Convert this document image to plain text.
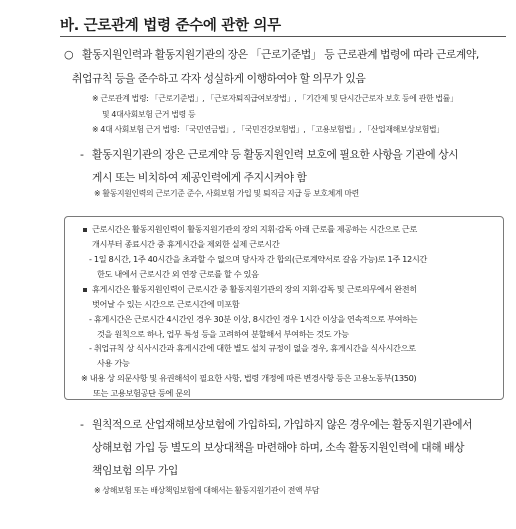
바. 근로관계 법령 준수에 관한 의무
○ 활동지원인력과 활동지원기관의 장은 「근로기준법」 등 근로관계 법령에 따라 근로계약,
취업규칙 등을 준수하고 각자 성실하게 이행하여야 할 의무가 있음
※ 근로관계 법령: 「근로기준법」, 「근로자퇴직급여보장법」, 「기간제 및 단시간근로자 보호 등에 관한 법률」
및 4대사회보험 근거 법령 등
※ 4대 사회보험 근거 법령: 「국민연금법」, 「국민건강보험법」, 「고용보험법」, 「산업재해보상보험법」
- 활동지원기관의 장은 근로계약 등 활동지원인력 보호에 필요한 사항을 기관에 상시
게시 또는 비치하여 제공인력에게 주지시켜야 함
※ 활동지원인력의 근로기준 준수, 사회보험 가입 및 퇴직금 지급 등 보호체계 마련
근로시간은 활동지원인력이 활동지원기관의 장의 지휘·감독 아래 근로를 제공하는 시간으로 근로
개시부터 종료시간 중 휴게시간을 제외한 실제 근로시간
- 1일 8시간, 1주 40시간을 초과할 수 없으며 당사자 간 합의(근로계약서로 갈음 가능)로 1주 12시간
한도 내에서 근로시간 외 연장 근로를 할 수 있음
휴게시간은 활동지원인력이 근로시간 중 활동지원기관의 장의 지휘·감독 및 근로의무에서 완전히
벗어날 수 있는 시간으로 근로시간에 미포함
- 휴게시간은 근로시간 4시간인 경우 30분 이상, 8시간인 경우 1시간 이상을 연속적으로 부여하는
것을 원칙으로 하나, 업무 특성 등을 고려하여 분할해서 부여하는 것도 가능
- 취업규칙 상 식사시간과 휴게시간에 대한 별도 설치 규정이 없을 경우, 휴게시간을 식사시간으로
사용 가능
※ 내용 상 의문사항 및 유권해석이 필요한 사항, 법령 개정에 따른 변경사항 등은 고용노동부(1350)
또는 고용보험공단 등에 문의
- 원칙적으로 산업재해보상보험에 가입하되, 가입하지 않은 경우에는 활동지원기관에서
상해보험 가입 등 별도의 보상대책을 마련해야 하며, 소속 활동지원인력에 대해 배상
책임보험 의무 가입
※ 상해보험 또는 배상책임보험에 대해서는 활동지원기관이 전액 부담
